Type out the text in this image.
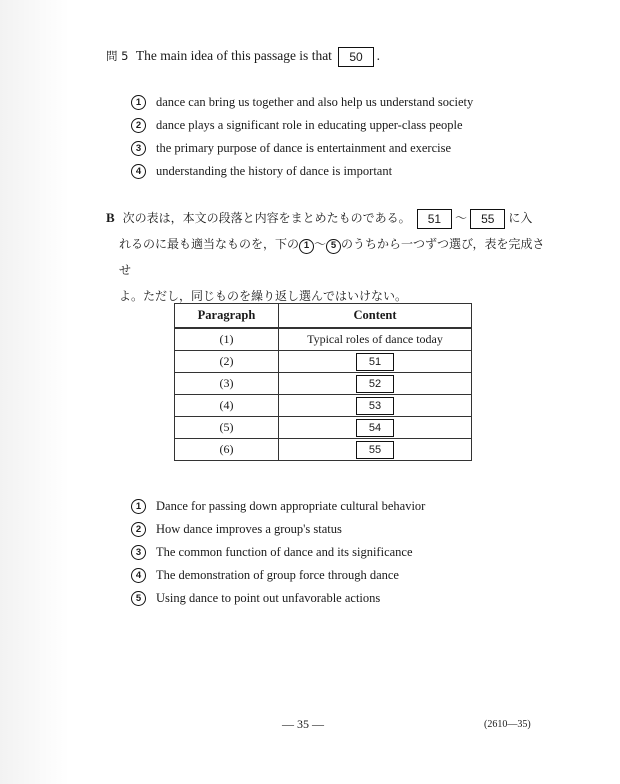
問 5 The main idea of this passage is that 50 .
1	dance can bring us together and also help us understand society
2	dance plays a significant role in educating upper-class people
3	the primary purpose of dance is entertainment and exercise
4	understanding the history of dance is important
B 次の表は，本文の段落と内容をまとめたものである。 51 ～ 55 に入
れるのに最も適当なものを，下の 1 ～ 5 のうちから一つずつ選び，表を完成させ
よ。ただし，同じものを繰り返し選んではいけない。
Paragraph	Content
(1)	Typical roles of dance today
(2)	51
(3)	52
(4)	53
(5)	54
(6)	55
1	Dance for passing down appropriate cultural behavior
2	How dance improves a group's status
3	The common function of dance and its significance
4	The demonstration of group force through dance
5	Using dance to point out unfavorable actions
— 35 —	(2610—35)
